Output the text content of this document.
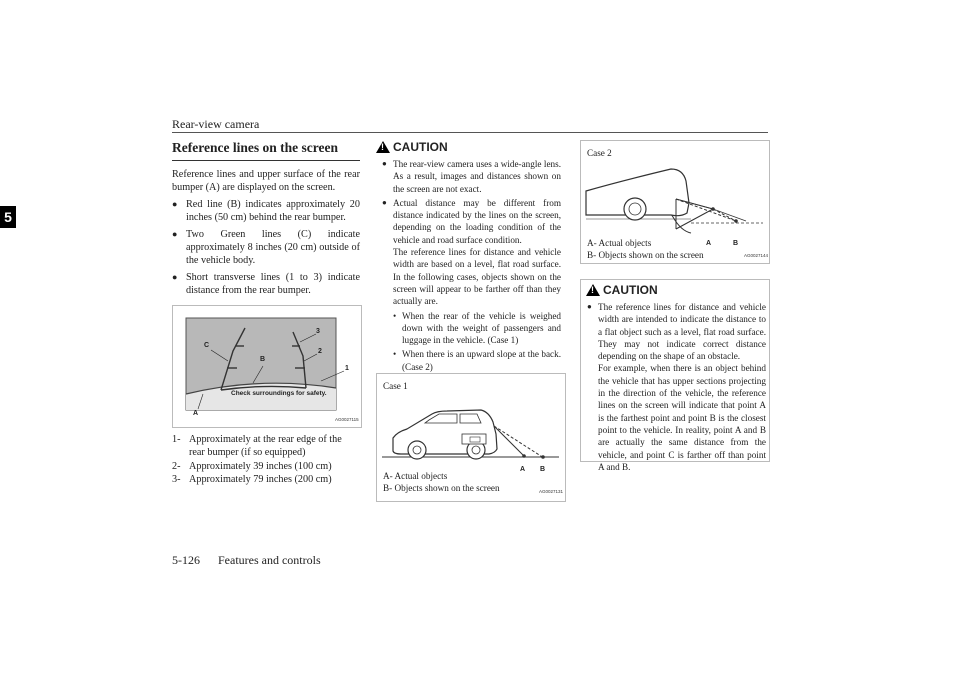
Rear-view camera
5
Reference lines on the screen
Reference lines and upper surface of the rear bumper (A) are displayed on the screen.
● Red line (B) indicates approximately 20 inches (50 cm) behind the rear bumper.
● Two Green lines (C) indicate approximately 8 inches (20 cm) outside of the vehicle body.
● Short transverse lines (1 to 3) indicate distance from the rear bumper.
Check surroundings for safety.
C
B
A
3
2
1
AG0027115
1- Approximately at the rear edge of the rear bumper (if so equipped)
2- Approximately 39 inches (100 cm)
3- Approximately 79 inches (200 cm)
!
CAUTION
● The rear-view camera uses a wide-angle lens. As a result, images and distances shown on the screen are not exact.
● Actual distance may be different from distance indicated by the lines on the screen, depending on the loading condition of the vehicle and road surface condition.
The reference lines for distance and vehicle width are based on a level, flat road surface. In the following cases, objects shown on the screen will appear to be farther off than they actually are.
• When the rear of the vehicle is weighed down with the weight of passengers and luggage in the vehicle. (Case 1)
• When there is an upward slope at the back. (Case 2)
Case 1
A B
A- Actual objects
B- Objects shown on the screen	AG0027131
Case 2
A	B
A- Actual objects
B- Objects shown on the screen	AG0027144
!
CAUTION
● The reference lines for distance and vehicle width are intended to indicate the distance to a flat object such as a level, flat road surface. They may not indicate correct distance depending on the shape of an obstacle.
For example, when there is an object behind the vehicle that has upper sections projecting in the direction of the vehicle, the reference lines on the screen will indicate that point A is the farthest point and point B is the closest point to the vehicle. In reality, point A and B are actually the same distance from the vehicle, and point C is farther off than point A and B.
5-126 Features and controls
